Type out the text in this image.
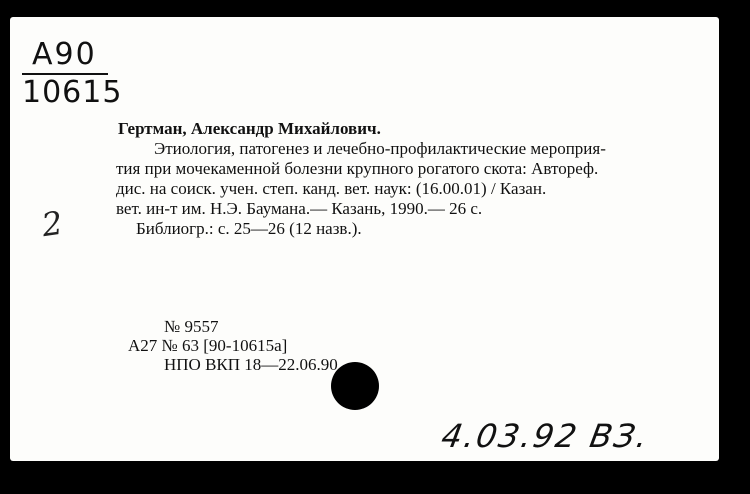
А90
10615
2
Гертман, Александр Михайлович.
Этиология, патогенез и лечебно-профилактические мероприя-
тия при мочекаменной болезни крупного рогатого скота: Автореф.
дис. на соиск. учен. степ. канд. вет. наук: (16.00.01) / Казан.
вет. ин-т им. Н.Э. Баумана.— Казань, 1990.— 26 с.
Библиогр.: с. 25—26 (12 назв.).
№ 9557
А27 № 63 [90-10615а]
НПО ВКП 18—22.06.90
4.03.92 ВЗ.
